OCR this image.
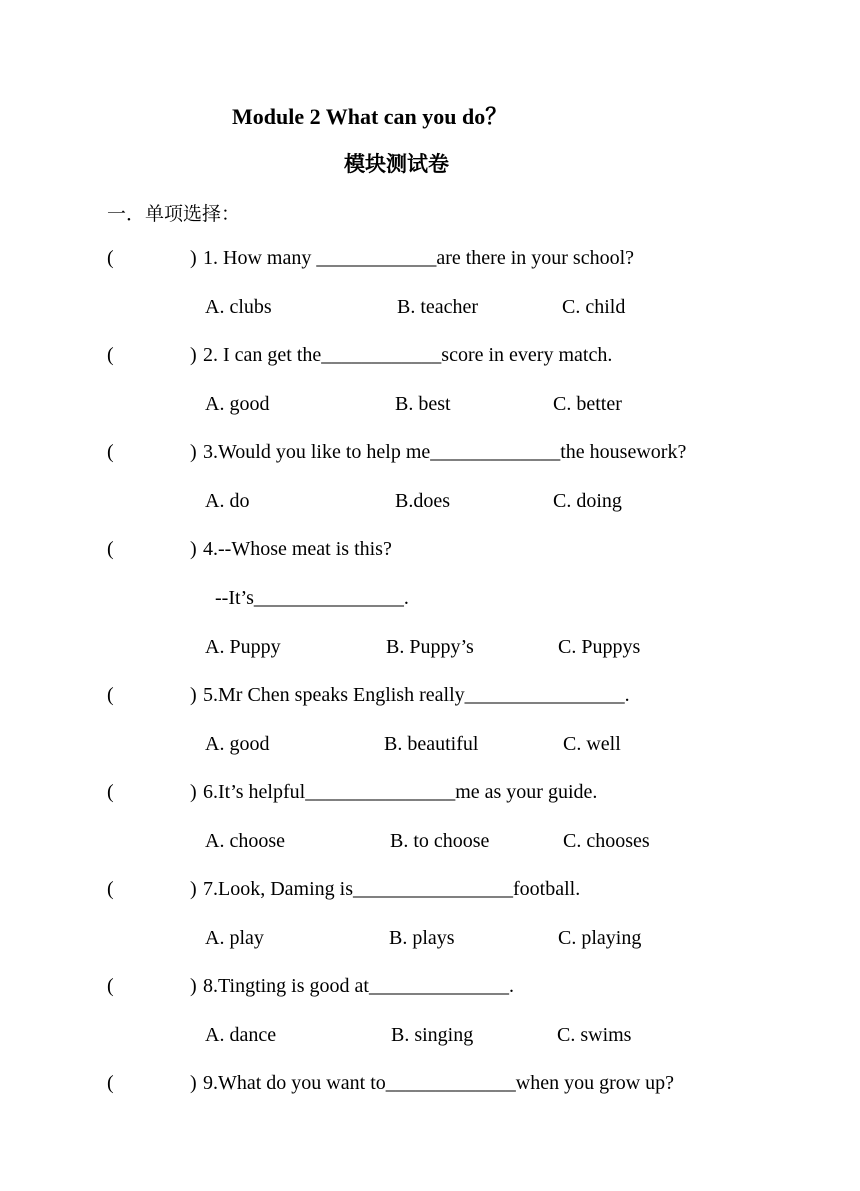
Module 2 What can you do？
模块测试卷
一．单项选择：
(	) 1. How many ____________are there in your school?
A. clubs	B. teacher	C. child
(	) 2. I can get the____________score in every match.
A. good	B. best	C. better
(	) 3.Would you like to help me_____________the housework?
A. do	B.does	C. doing
(	) 4.--Whose meat is this?
--It’s_______________.
A. Puppy	B. Puppy’s	C. Puppys
(	) 5.Mr Chen speaks English really________________.
A. good	B. beautiful	C. well
(	) 6.It’s helpful_______________me as your guide.
A. choose	B. to choose	C. chooses
(	) 7.Look, Daming is________________football.
A. play	B. plays	C. playing
(	) 8.Tingting is good at______________.
A. dance	B. singing	C. swims
(	) 9.What do you want to_____________when you grow up?
